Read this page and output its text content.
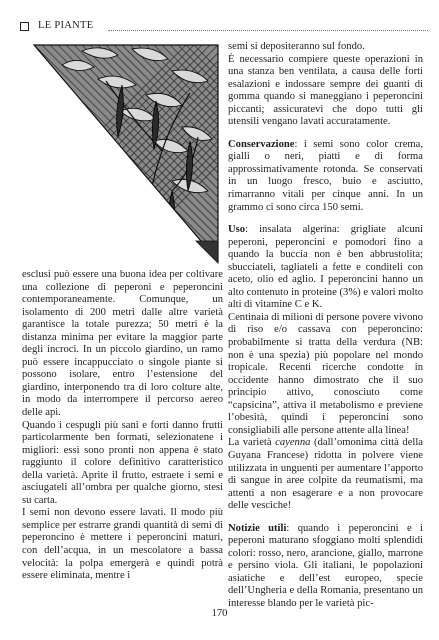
LE PIANTE

esclusi può essere una buona idea per coltivare una collezione di peperoni e peperoncini contemporaneamente. Comunque, un isolamento di 200 metri dalle altre varietà garantisce la totale purezza; 50 metri è la distanza minima per evitare la maggior parte degli incroci. In un piccolo giardino, un ramo può essere incappucciato o singole piante si possono isolare, entro l’estensione del giardino, interponendo tra di loro colture alte, in modo da interrompere il percorso aereo delle api.

Quando i cespugli più sani e forti danno frutti particolarmente ben formati, selezionatene i migliori: essi sono pronti non appena è stato raggiunto il colore definitivo caratteristico della varietà. Aprite il frutto, estraete i semi e asciugateli all’ombra per qualche giorno, stesi su carta.

I semi non devono essere lavati. Il modo più semplice per estrarre grandi quantità di semi di peperoncino è mettere i peperoncini maturi, con dell’acqua, in un mescolatore a bassa velocità: la polpa emergerà e quindi potrà essere eliminata, mentre i

semi si depositeranno sul fondo.

È necessario compiere queste operazioni in una stanza ben ventilata, a causa delle forti esalazioni e indossare sempre dei guanti di gomma quando si maneggiano i peperoncini piccanti; assicuratevi che dopo tutti gli utensili vengano lavati accuratamente.

Conservazione: i semi sono color crema, gialli o neri, piatti e di forma approssimativamente rotonda. Se conservati in un luogo fresco, buio e asciutto, rimarranno vitali per cinque anni. In un grammo ci sono circa 150 semi.

Uso: insalata algerina: grigliate alcuni peperoni, peperoncini e pomodori fino a quando la buccia non è ben abbrustolita; sbucciateli, tagliateli a fette e conditeli con aceto, olio ed aglio. I peperoncini hanno un alto contenuto in proteine (3%) e valori molto alti di vitamine C e K.

Centinaia di milioni di persone povere vivono di riso e/o cassava con peperoncino: probabilmente si tratta della verdura (NB: non è una spezia) più popolare nel mondo tropicale. Recenti ricerche condotte in occidente hanno dimostrato che il suo principio attivo, conosciuto come “capsicina”, attiva il metabolismo e previene l’obesità, quindi i peperoncini sono consigliabili alle persone attente alla linea!

La varietà cayenna (dall’omonima città della Guyana Francese) ridotta in polvere viene utilizzata in unguenti per aumentare l’apporto di sangue in aree colpite da reumatismi, ma attenti a non esagerare e a non provocare delle vesciche!

Notizie utili: quando i peperoncini e i peperoni maturano sfoggiano molti splendidi colori: rosso, nero, arancione, giallo, marrone e persino viola. Gli italiani, le popolazioni asiatiche e dell’est europeo, specie dell’Ungheria e della Romania, presentano un interesse blando per le varietà pic-

170
